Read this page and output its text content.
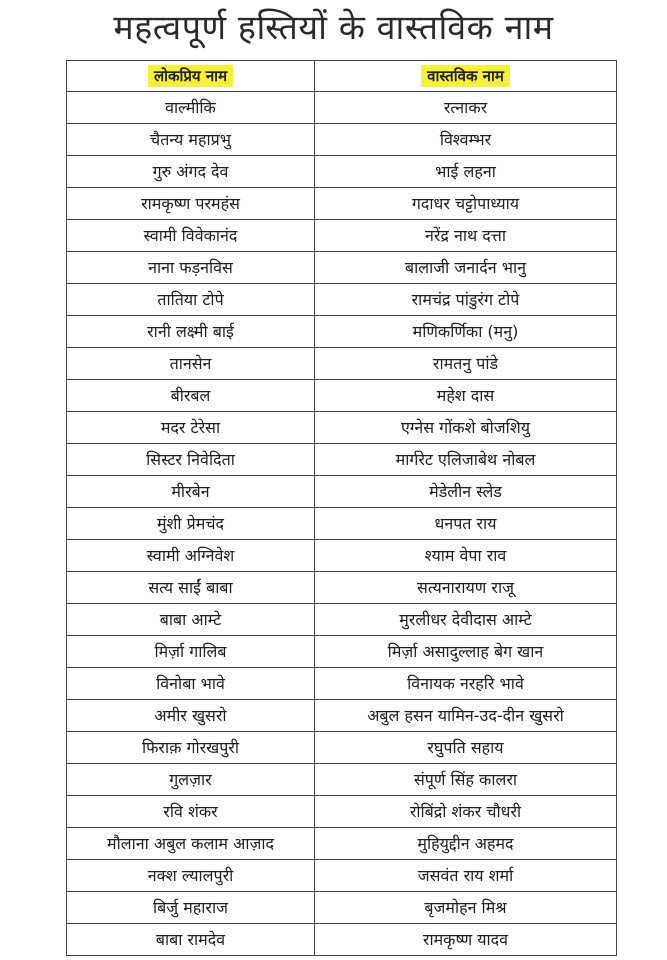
महत्वपूर्ण हस्तियों के वास्तविक नाम
लोकप्रिय नाम	वास्तविक नाम
वाल्मीकि	रत्नाकर
चैतन्य महाप्रभु	विश्वम्भर
गुरु अंगद देव	भाई लहना
रामकृष्ण परमहंस	गदाधर चट्टोपाध्याय
स्वामी विवेकानंद	नरेंद्र नाथ दत्ता
नाना फड़नविस	बालाजी जनार्दन भानु
तातिया टोपे	रामचंद्र पांडुरंग टोपे
रानी लक्ष्मी बाई	मणिकर्णिका (मनु)
तानसेन	रामतनु पांडे
बीरबल	महेश दास
मदर टेरेसा	एग्नेस गोंकशे बोजशियु
सिस्टर निवेदिता	मार्गरेट एलिजाबेथ नोबल
मीरबेन	मेडेलीन स्लेड
मुंशी प्रेमचंद	धनपत राय
स्वामी अग्निवेश	श्याम वेपा राव
सत्य साईं बाबा	सत्यनारायण राजू
बाबा आम्टे	मुरलीधर देवीदास आम्टे
मिर्ज़ा गालिब	मिर्ज़ा असादुल्लाह बेग खान
विनोबा भावे	विनायक नरहरि भावे
अमीर खुसरो	अबुल हसन यामिन-उद-दीन खुसरो
फिराक़ गोरखपुरी	रघुपति सहाय
गुलज़ार	संपूर्ण सिंह कालरा
रवि शंकर	रोबिंद्रो शंकर चौधरी
मौलाना अबुल कलाम आज़ाद	मुहियुद्दीन अहमद
नक्श ल्यालपुरी	जसवंत राय शर्मा
बिर्जु महाराज	बृजमोहन मिश्र
बाबा रामदेव	रामकृष्ण यादव
